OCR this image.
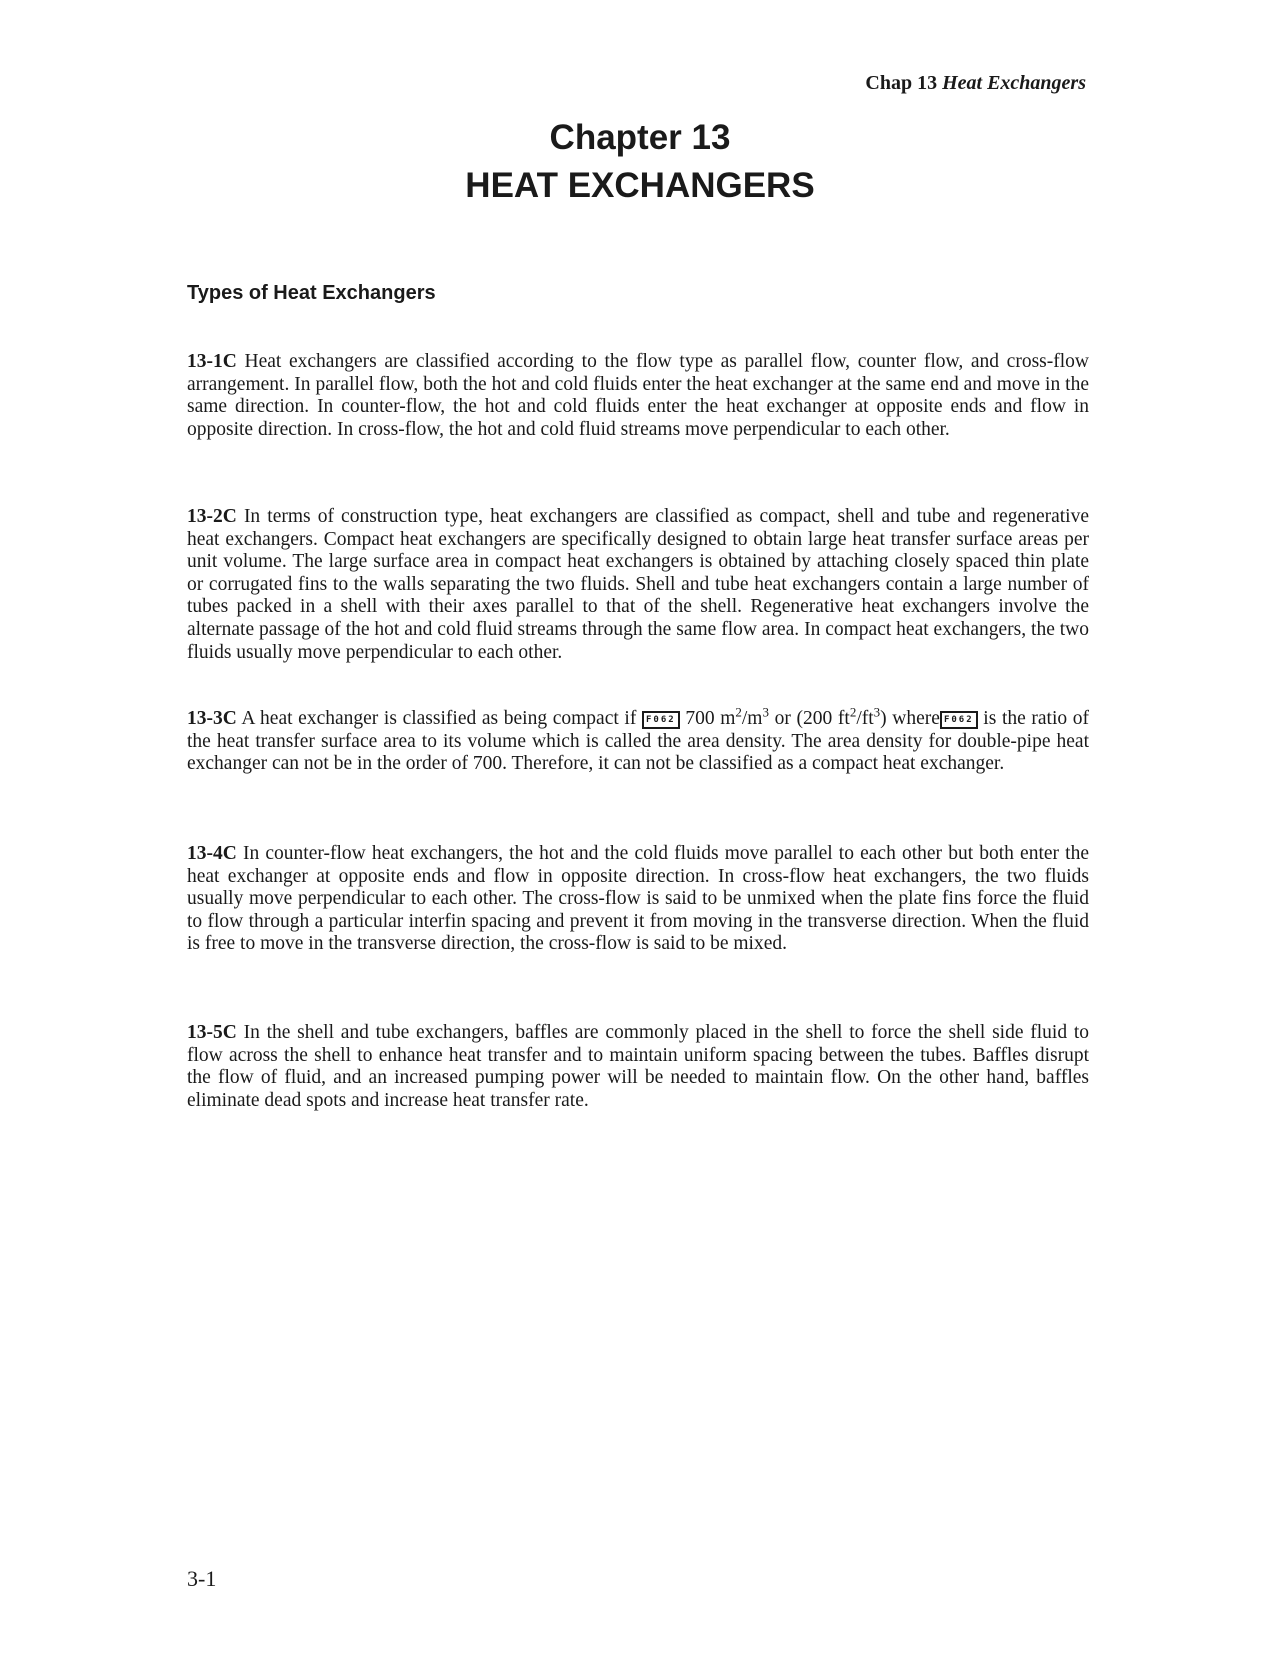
Chap 13 Heat Exchangers
Chapter 13
HEAT EXCHANGERS
Types of Heat Exchangers
13-1C Heat exchangers are classified according to the flow type as parallel flow, counter flow, and cross-flow arrangement. In parallel flow, both the hot and cold fluids enter the heat exchanger at the same end and move in the same direction. In counter-flow, the hot and cold fluids enter the heat exchanger at opposite ends and flow in opposite direction. In cross-flow, the hot and cold fluid streams move perpendicular to each other.
13-2C In terms of construction type, heat exchangers are classified as compact, shell and tube and regenerative heat exchangers. Compact heat exchangers are specifically designed to obtain large heat transfer surface areas per unit volume. The large surface area in compact heat exchangers is obtained by attaching closely spaced thin plate or corrugated fins to the walls separating the two fluids. Shell and tube heat exchangers contain a large number of tubes packed in a shell with their axes parallel to that of the shell. Regenerative heat exchangers involve the alternate passage of the hot and cold fluid streams through the same flow area. In compact heat exchangers, the two fluids usually move perpendicular to each other.
13-3C A heat exchanger is classified as being compact if F062 700 $m^2/m^3$ or (200 $ft^2/ft^3$) where F062 is the ratio of the heat transfer surface area to its volume which is called the area density. The area density for double-pipe heat exchanger can not be in the order of 700. Therefore, it can not be classified as a compact heat exchanger.
13-4C In counter-flow heat exchangers, the hot and the cold fluids move parallel to each other but both enter the heat exchanger at opposite ends and flow in opposite direction. In cross-flow heat exchangers, the two fluids usually move perpendicular to each other. The cross-flow is said to be unmixed when the plate fins force the fluid to flow through a particular interfin spacing and prevent it from moving in the transverse direction. When the fluid is free to move in the transverse direction, the cross-flow is said to be mixed.
13-5C In the shell and tube exchangers, baffles are commonly placed in the shell to force the shell side fluid to flow across the shell to enhance heat transfer and to maintain uniform spacing between the tubes. Baffles disrupt the flow of fluid, and an increased pumping power will be needed to maintain flow. On the other hand, baffles eliminate dead spots and increase heat transfer rate.
3-1
